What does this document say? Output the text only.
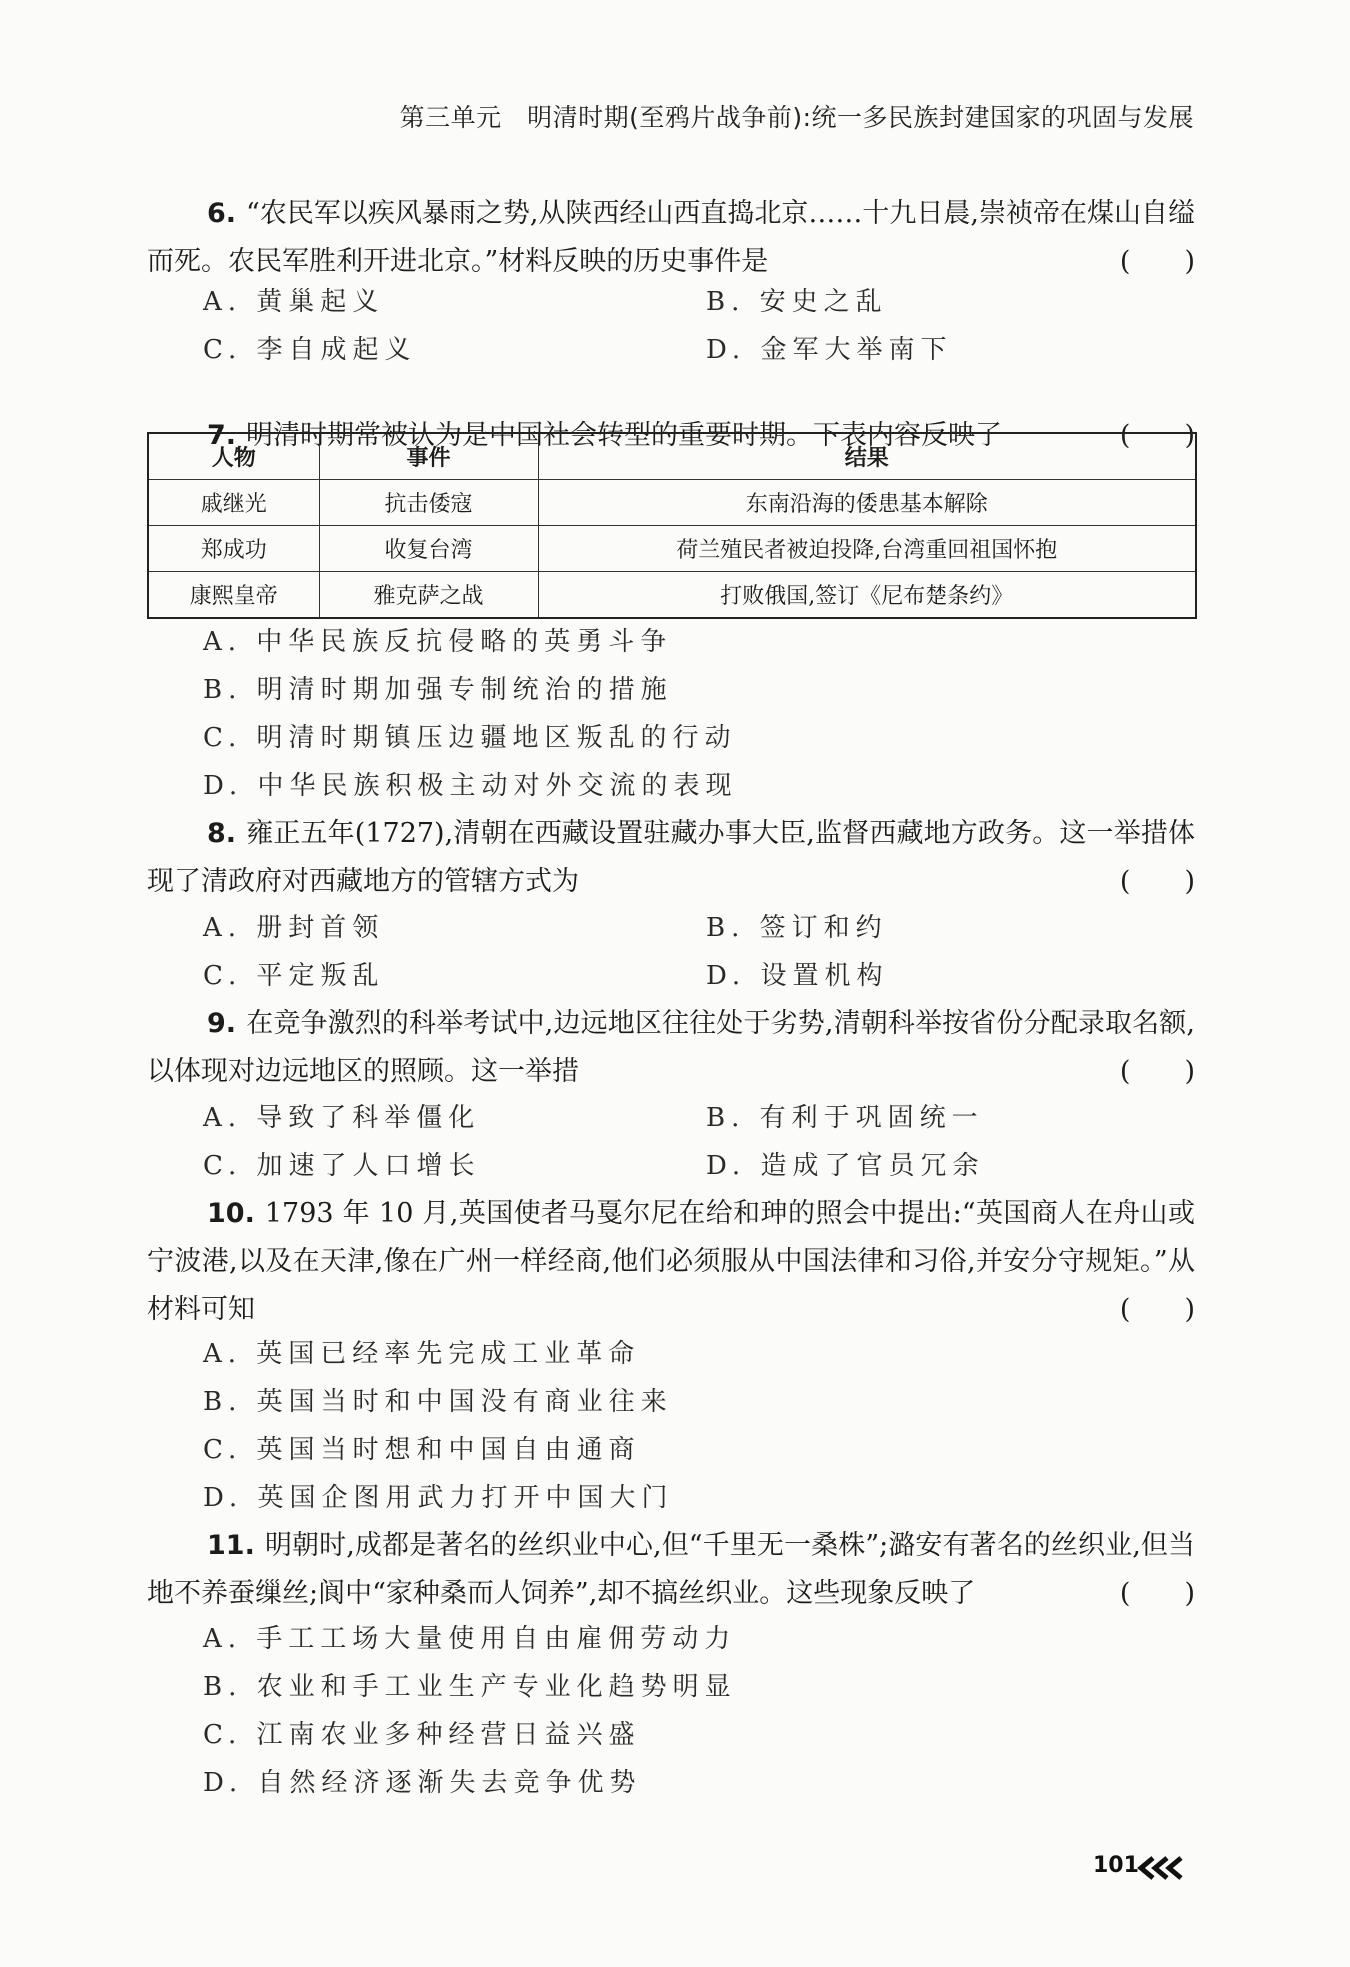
第三单元　明清时期(至鸦片战争前):统一多民族封建国家的巩固与发展
6. “农民军以疾风暴雨之势,从陕西经山西直捣北京……十九日晨,崇祯帝在煤山自缢而死。农民军胜利开进北京。”材料反映的历史事件是	(　　)
A. 黄巢起义	B. 安史之乱
C. 李自成起义	D. 金军大举南下
7. 明清时期常被认为是中国社会转型的重要时期。下表内容反映了	(　　)
人物	事件	结果
戚继光	抗击倭寇	东南沿海的倭患基本解除
郑成功	收复台湾	荷兰殖民者被迫投降,台湾重回祖国怀抱
康熙皇帝	雅克萨之战	打败俄国,签订《尼布楚条约》
A. 中华民族反抗侵略的英勇斗争
B. 明清时期加强专制统治的措施
C. 明清时期镇压边疆地区叛乱的行动
D. 中华民族积极主动对外交流的表现
8. 雍正五年(1727),清朝在西藏设置驻藏办事大臣,监督西藏地方政务。这一举措体现了清政府对西藏地方的管辖方式为	(　　)
A. 册封首领	B. 签订和约
C. 平定叛乱	D. 设置机构
9. 在竞争激烈的科举考试中,边远地区往往处于劣势,清朝科举按省份分配录取名额,以体现对边远地区的照顾。这一举措	(　　)
A. 导致了科举僵化	B. 有利于巩固统一
C. 加速了人口增长	D. 造成了官员冗余
10. 1793 年 10 月,英国使者马戛尔尼在给和珅的照会中提出:“英国商人在舟山或宁波港,以及在天津,像在广州一样经商,他们必须服从中国法律和习俗,并安分守规矩。”从材料可知	(　　)
A. 英国已经率先完成工业革命
B. 英国当时和中国没有商业往来
C. 英国当时想和中国自由通商
D. 英国企图用武力打开中国大门
11. 明朝时,成都是著名的丝织业中心,但“千里无一桑株”;潞安有著名的丝织业,但当地不养蚕缫丝;阆中“家种桑而人饲养”,却不搞丝织业。这些现象反映了	(　　)
A. 手工工场大量使用自由雇佣劳动力
B. 农业和手工业生产专业化趋势明显
C. 江南农业多种经营日益兴盛
D. 自然经济逐渐失去竞争优势
101
